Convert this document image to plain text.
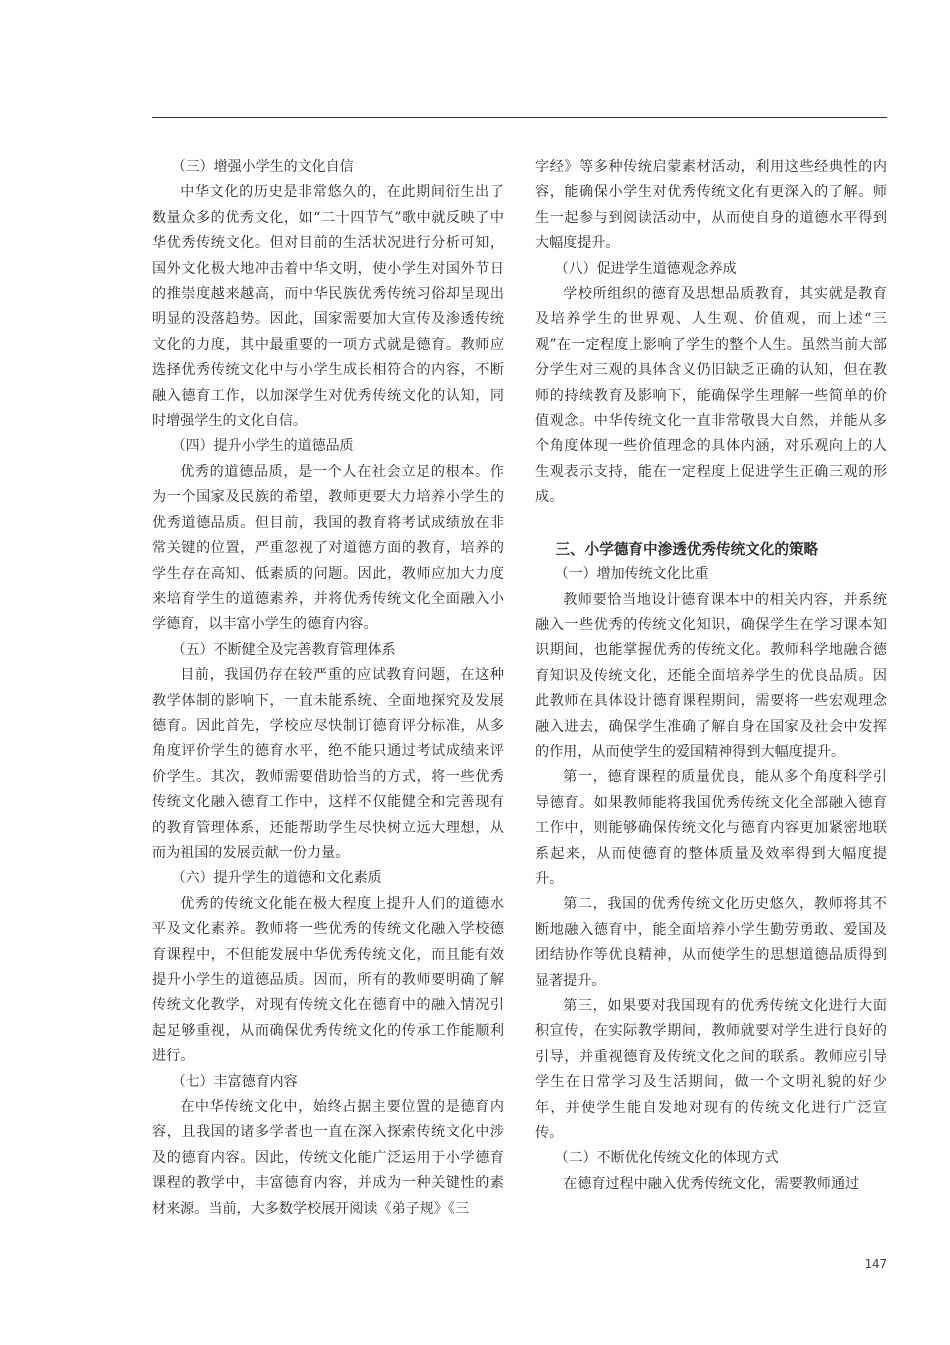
（三）增强小学生的文化自信

中华文化的历史是非常悠久的，在此期间衍生出了数量众多的优秀文化，如“二十四节气”歌中就反映了中华优秀传统文化。但对目前的生活状况进行分析可知，国外文化极大地冲击着中华文明，使小学生对国外节日的推崇度越来越高，而中华民族优秀传统习俗却呈现出明显的没落趋势。因此，国家需要加大宣传及渗透传统文化的力度，其中最重要的一项方式就是德育。教师应选择优秀传统文化中与小学生成长相符合的内容，不断融入德育工作，以加深学生对优秀传统文化的认知，同时增强学生的文化自信。

（四）提升小学生的道德品质

优秀的道德品质，是一个人在社会立足的根本。作为一个国家及民族的希望，教师更要大力培养小学生的优秀道德品质。但目前，我国的教育将考试成绩放在非常关键的位置，严重忽视了对道德方面的教育，培养的学生存在高知、低素质的问题。因此，教师应加大力度来培育学生的道德素养，并将优秀传统文化全面融入小学德育，以丰富小学生的德育内容。

（五）不断健全及完善教育管理体系

目前，我国仍存在较严重的应试教育问题，在这种教学体制的影响下，一直未能系统、全面地探究及发展德育。因此首先，学校应尽快制订德育评分标准，从多角度评价学生的德育水平，绝不能只通过考试成绩来评价学生。其次，教师需要借助恰当的方式，将一些优秀传统文化融入德育工作中，这样不仅能健全和完善现有的教育管理体系，还能帮助学生尽快树立远大理想，从而为祖国的发展贡献一份力量。

（六）提升学生的道德和文化素质

优秀的传统文化能在极大程度上提升人们的道德水平及文化素养。教师将一些优秀的传统文化融入学校德育课程中，不但能发展中华优秀传统文化，而且能有效提升小学生的道德品质。因而，所有的教师要明确了解传统文化教学，对现有传统文化在德育中的融入情况引起足够重视，从而确保优秀传统文化的传承工作能顺利进行。

（七）丰富德育内容

在中华传统文化中，始终占据主要位置的是德育内容，且我国的诸多学者也一直在深入探索传统文化中涉及的德育内容。因此，传统文化能广泛运用于小学德育课程的教学中，丰富德育内容，并成为一种关键性的素材来源。当前，大多数学校展开阅读《弟子规》《三

字经》等多种传统启蒙素材活动，利用这些经典性的内容，能确保小学生对优秀传统文化有更深入的了解。师生一起参与到阅读活动中，从而使自身的道德水平得到大幅度提升。

（八）促进学生道德观念养成

学校所组织的德育及思想品质教育，其实就是教育及培养学生的世界观、人生观、价值观，而上述“三观”在一定程度上影响了学生的整个人生。虽然当前大部分学生对三观的具体含义仍旧缺乏正确的认知，但在教师的持续教育及影响下，能确保学生理解一些简单的价值观念。中华传统文化一直非常敬畏大自然，并能从多个角度体现一些价值理念的具体内涵，对乐观向上的人生观表示支持，能在一定程度上促进学生正确三观的形成。

三、小学德育中渗透优秀传统文化的策略
（一）增加传统文化比重

教师要恰当地设计德育课本中的相关内容，并系统融入一些优秀的传统文化知识，确保学生在学习课本知识期间，也能掌握优秀的传统文化。教师科学地融合德育知识及传统文化，还能全面培养学生的优良品质。因此教师在具体设计德育课程期间，需要将一些宏观理念融入进去，确保学生准确了解自身在国家及社会中发挥的作用，从而使学生的爱国精神得到大幅度提升。

第一，德育课程的质量优良，能从多个角度科学引导德育。如果教师能将我国优秀传统文化全部融入德育工作中，则能够确保传统文化与德育内容更加紧密地联系起来，从而使德育的整体质量及效率得到大幅度提升。

第二，我国的优秀传统文化历史悠久，教师将其不断地融入德育中，能全面培养小学生勤劳勇敢、爱国及团结协作等优良精神，从而使学生的思想道德品质得到显著提升。

第三，如果要对我国现有的优秀传统文化进行大面积宣传，在实际教学期间，教师就要对学生进行良好的引导，并重视德育及传统文化之间的联系。教师应引导学生在日常学习及生活期间，做一个文明礼貌的好少年，并使学生能自发地对现有的传统文化进行广泛宣传。

（二）不断优化传统文化的体现方式

在德育过程中融入优秀传统文化，需要教师通过

147
